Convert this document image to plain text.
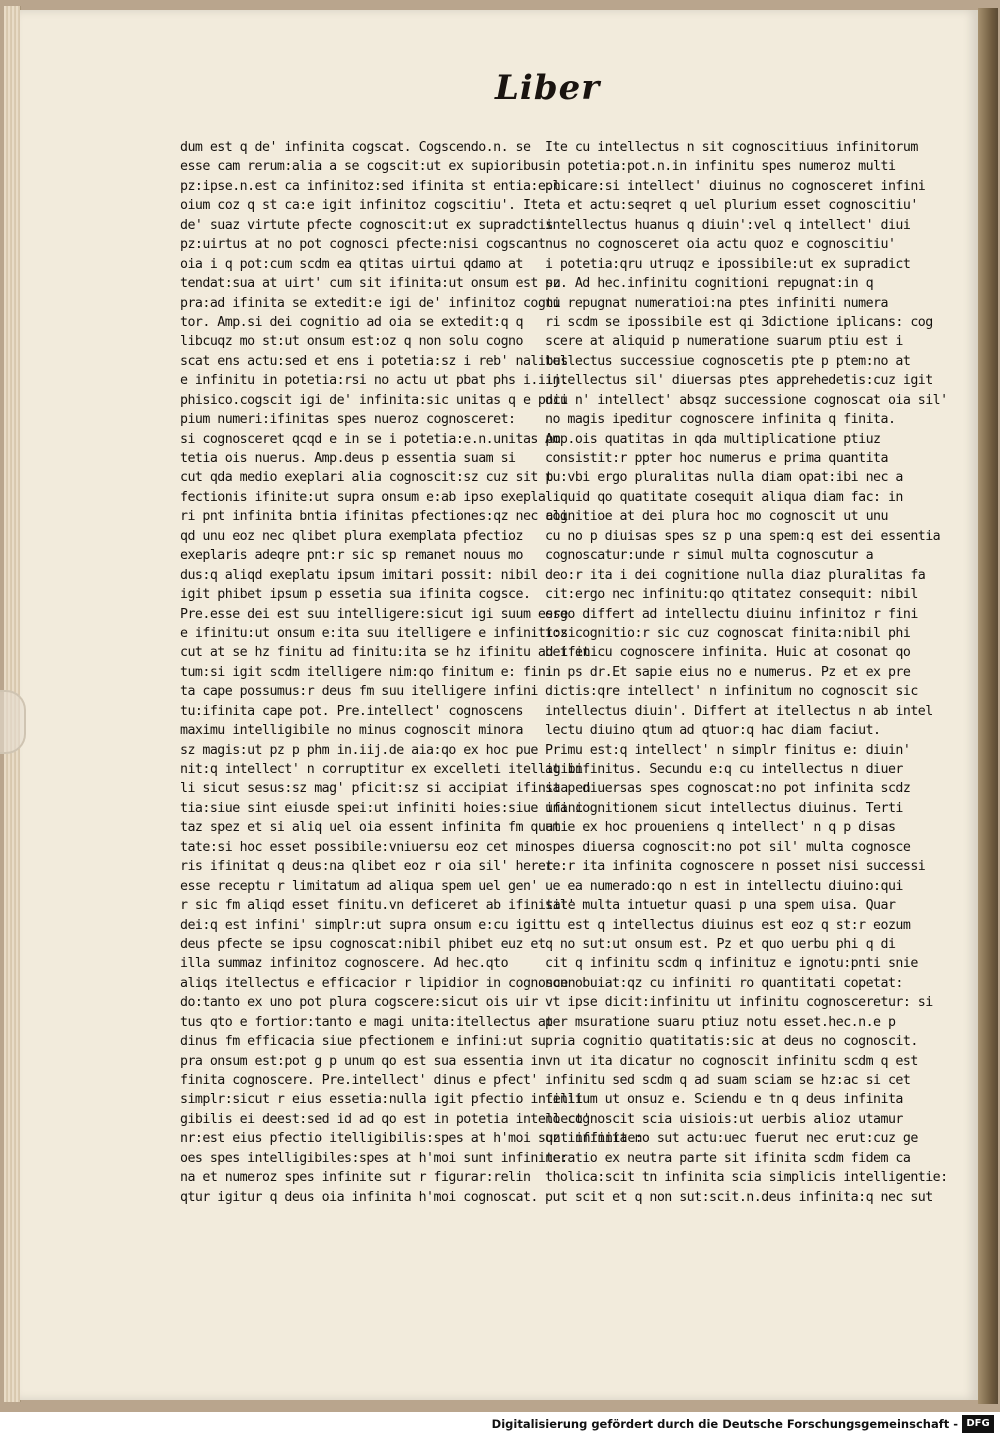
Liber
dum est q de' infinita cogscat. Cogscendo.n. se
esse cam rerum:alia a se cogscit:ut ex supioribus
pz:ipse.n.est ca infinitoz:sed ifinita st entia:e.n.
oium coz q st ca:e igit infinitoz cogscitiu'. Ite
de' suaz virtute pfecte cognoscit:ut ex supradctis
pz:uirtus at no pot cognosci pfecte:nisi cogscant
oia i q pot:cum scdm ea qtitas uirtui qdamo at
tendat:sua at uirt' cum sit ifinita:ut onsum est su
pra:ad ifinita se extedit:e igi de' infinitoz cogni
tor. Amp.si dei cognitio ad oia se extedit:q q
libcuqz mo st:ut onsum est:oz q non solu cogno
scat ens actu:sed et ens i potetia:sz i reb' nalibus
e infinitu in potetia:rsi no actu ut pbat phs i.iij.
phisico.cogscit igi de' infinita:sic unitas q e pnci
pium numeri:ifinitas spes nueroz cognosceret:
si cognosceret qcqd e in se i potetia:e.n.unitas po
tetia ois nuerus. Amp.deus p essentia suam si
cut qda medio exeplari alia cognoscit:sz cuz sit p
fectionis ifinite:ut supra onsum e:ab ipso exepla
ri pnt infinita bntia ifinitas pfectiones:qz nec ali
qd unu eoz nec qlibet plura exemplata pfectioz
exeplaris adeqre pnt:r sic sp remanet nouus mo
dus:q aliqd exeplatu ipsum imitari possit: nibil
igit phibet ipsum p essetia sua ifinita cogsce.
Pre.esse dei est suu intelligere:sicut igi suum esse
e ifinitu:ut onsum e:ita suu itelligere e infiniti:si
cut at se hz finitu ad finitu:ita se hz ifinitu ad ifini
tum:si igit scdm itelligere nim:qo finitum e: fini
ta cape possumus:r deus fm suu itelligere infini
tu:ifinita cape pot. Pre.intellect' cognoscens
maximu intelligibile no minus cognoscit minora
sz magis:ut pz p phm in.iij.de aia:qo ex hoc pue
nit:q intellect' n corruptitur ex excelleti itelligibi
li sicut sesus:sz mag' pficit:sz si accipiat ifinita en
tia:siue sint eiusde spei:ut infiniti hoies:siue ifini
taz spez et si aliq uel oia essent infinita fm quati
tate:si hoc esset possibile:vniuersu eoz cet mino
ris ifinitat q deus:na qlibet eoz r oia sil' heret
esse receptu r limitatum ad aliqua spem uel gen'
r sic fm aliqd esset finitu.vn deficeret ab ifinitate
dei:q est infini' simplr:ut supra onsum e:cu igit
deus pfecte se ipsu cognoscat:nibil phibet euz et
illa summaz infinitoz cognoscere. Ad hec.qto
aliqs itellectus e efficacior r lipidior in cognoscen
do:tanto ex uno pot plura cogscere:sicut ois uir
tus qto e fortior:tanto e magi unita:itellectus at
dinus fm efficacia siue pfectionem e infini:ut su
pra onsum est:pot g p unum qo est sua essentia in
finita cognoscere. Pre.intellect' dinus e pfect'
simplr:sicut r eius essetia:nulla igit pfectio intelli
gibilis ei deest:sed id ad qo est in potetia intellect'
nr:est eius pfectio itelligibilis:spes at h'moi sunt infinite:
oes spes intelligibiles:spes at h'moi sunt infinite:
na et numeroz spes infinite sut r figurar:relin
qtur igitur q deus oia infinita h'moi cognoscat.
Ite cu intellectus n sit cognoscitiuus infinitorum
in potetia:pot.n.in infinitu spes numeroz multi
plicare:si intellect' diuinus no cognosceret infini
ta et actu:seqret q uel plurium esset cognoscitiu'
intellectus huanus q diuin':vel q intellect' diui
nus no cognosceret oia actu quoz e cognoscitiu'
i potetia:qru utruqz e ipossibile:ut ex supradict
pz. Ad hec.infinitu cognitioni repugnat:in q
tu repugnat numeratioi:na ptes infiniti numera
ri scdm se ipossibile est qi 3dictione iplicans: cog
scere at aliquid p numeratione suarum ptiu est i
tellectus successiue cognoscetis pte p ptem:no at
intellectus sil' diuersas ptes apprehedetis:cuz igit
diu n' intellect' absqz successione cognoscat oia sil'
no magis ipeditur cognoscere infinita q finita.
Amp.ois quatitas in qda multiplicatione ptiuz
consistit:r ppter hoc numerus e prima quantita
tu:vbi ergo pluralitas nulla diam opat:ibi nec a
liquid qo quatitate cosequit aliqua diam fac: in
cognitioe at dei plura hoc mo cognoscit ut unu
cu no p diuisas spes sz p una spem:q est dei essentia
cognoscatur:unde r simul multa cognoscutur a
deo:r ita i dei cognitione nulla diaz pluralitas fa
cit:ergo nec infinitu:qo qtitatez consequit: nibil
ergo differt ad intellectu diuinu infinitoz r fini
toz cognitio:r sic cuz cognoscat finita:nibil phi
bet et cu cognoscere infinita. Huic at cosonat qo
in ps dr.Et sapie eius no e numerus. Pz et ex pre
dictis:qre intellect' n infinitum no cognoscit sic
intellectus diuin'. Differt at itellectus n ab intel
lectu diuino qtum ad qtuor:q hac diam faciut.
Primu est:q intellect' n simplr finitus e: diuin'
at infinitus. Secundu e:q cu intellectus n diuer
sa p diuersas spes cognoscat:no pot infinita scdz
una cognitionem sicut intellectus diuinus. Terti
um e ex hoc proueniens q intellect' n q p disas
spes diuersa cognoscit:no pot sil' multa cognosce
re:r ita infinita cognoscere n posset nisi successi
ue ea numerado:qo n est in intellectu diuino:qui
sil' multa intuetur quasi p una spem uisa. Quar
tu est q intellectus diuinus est eoz q st:r eozum
q no sut:ut onsum est. Pz et quo uerbu phi q di
cit q infinitu scdm q infinituz e ignotu:pnti snie
non obuiat:qz cu infiniti ro quantitati copetat:
vt ipse dicit:infinitu ut infinitu cognosceretur: si
per msuratione suaru ptiuz notu esset.hec.n.e p
pria cognitio quatitatis:sic at deus no cognoscit.
vn ut ita dicatur no cognoscit infinitu scdm q est
infinitu sed scdm q ad suam sciam se hz:ac si cet
finitum ut onsuz e. Sciendu e tn q deus infinita
no cognoscit scia uisiois:ut uerbis alioz utamur
qz infinita no sut actu:uec fuerut nec erut:cuz ge
neratio ex neutra parte sit ifinita scdm fidem ca
tholica:scit tn infinita scia simplicis intelligentie:
put scit et q non sut:scit.n.deus infinita:q nec sut
Digitalisierung gefördert durch die Deutsche Forschungsgemeinschaft - DFG
